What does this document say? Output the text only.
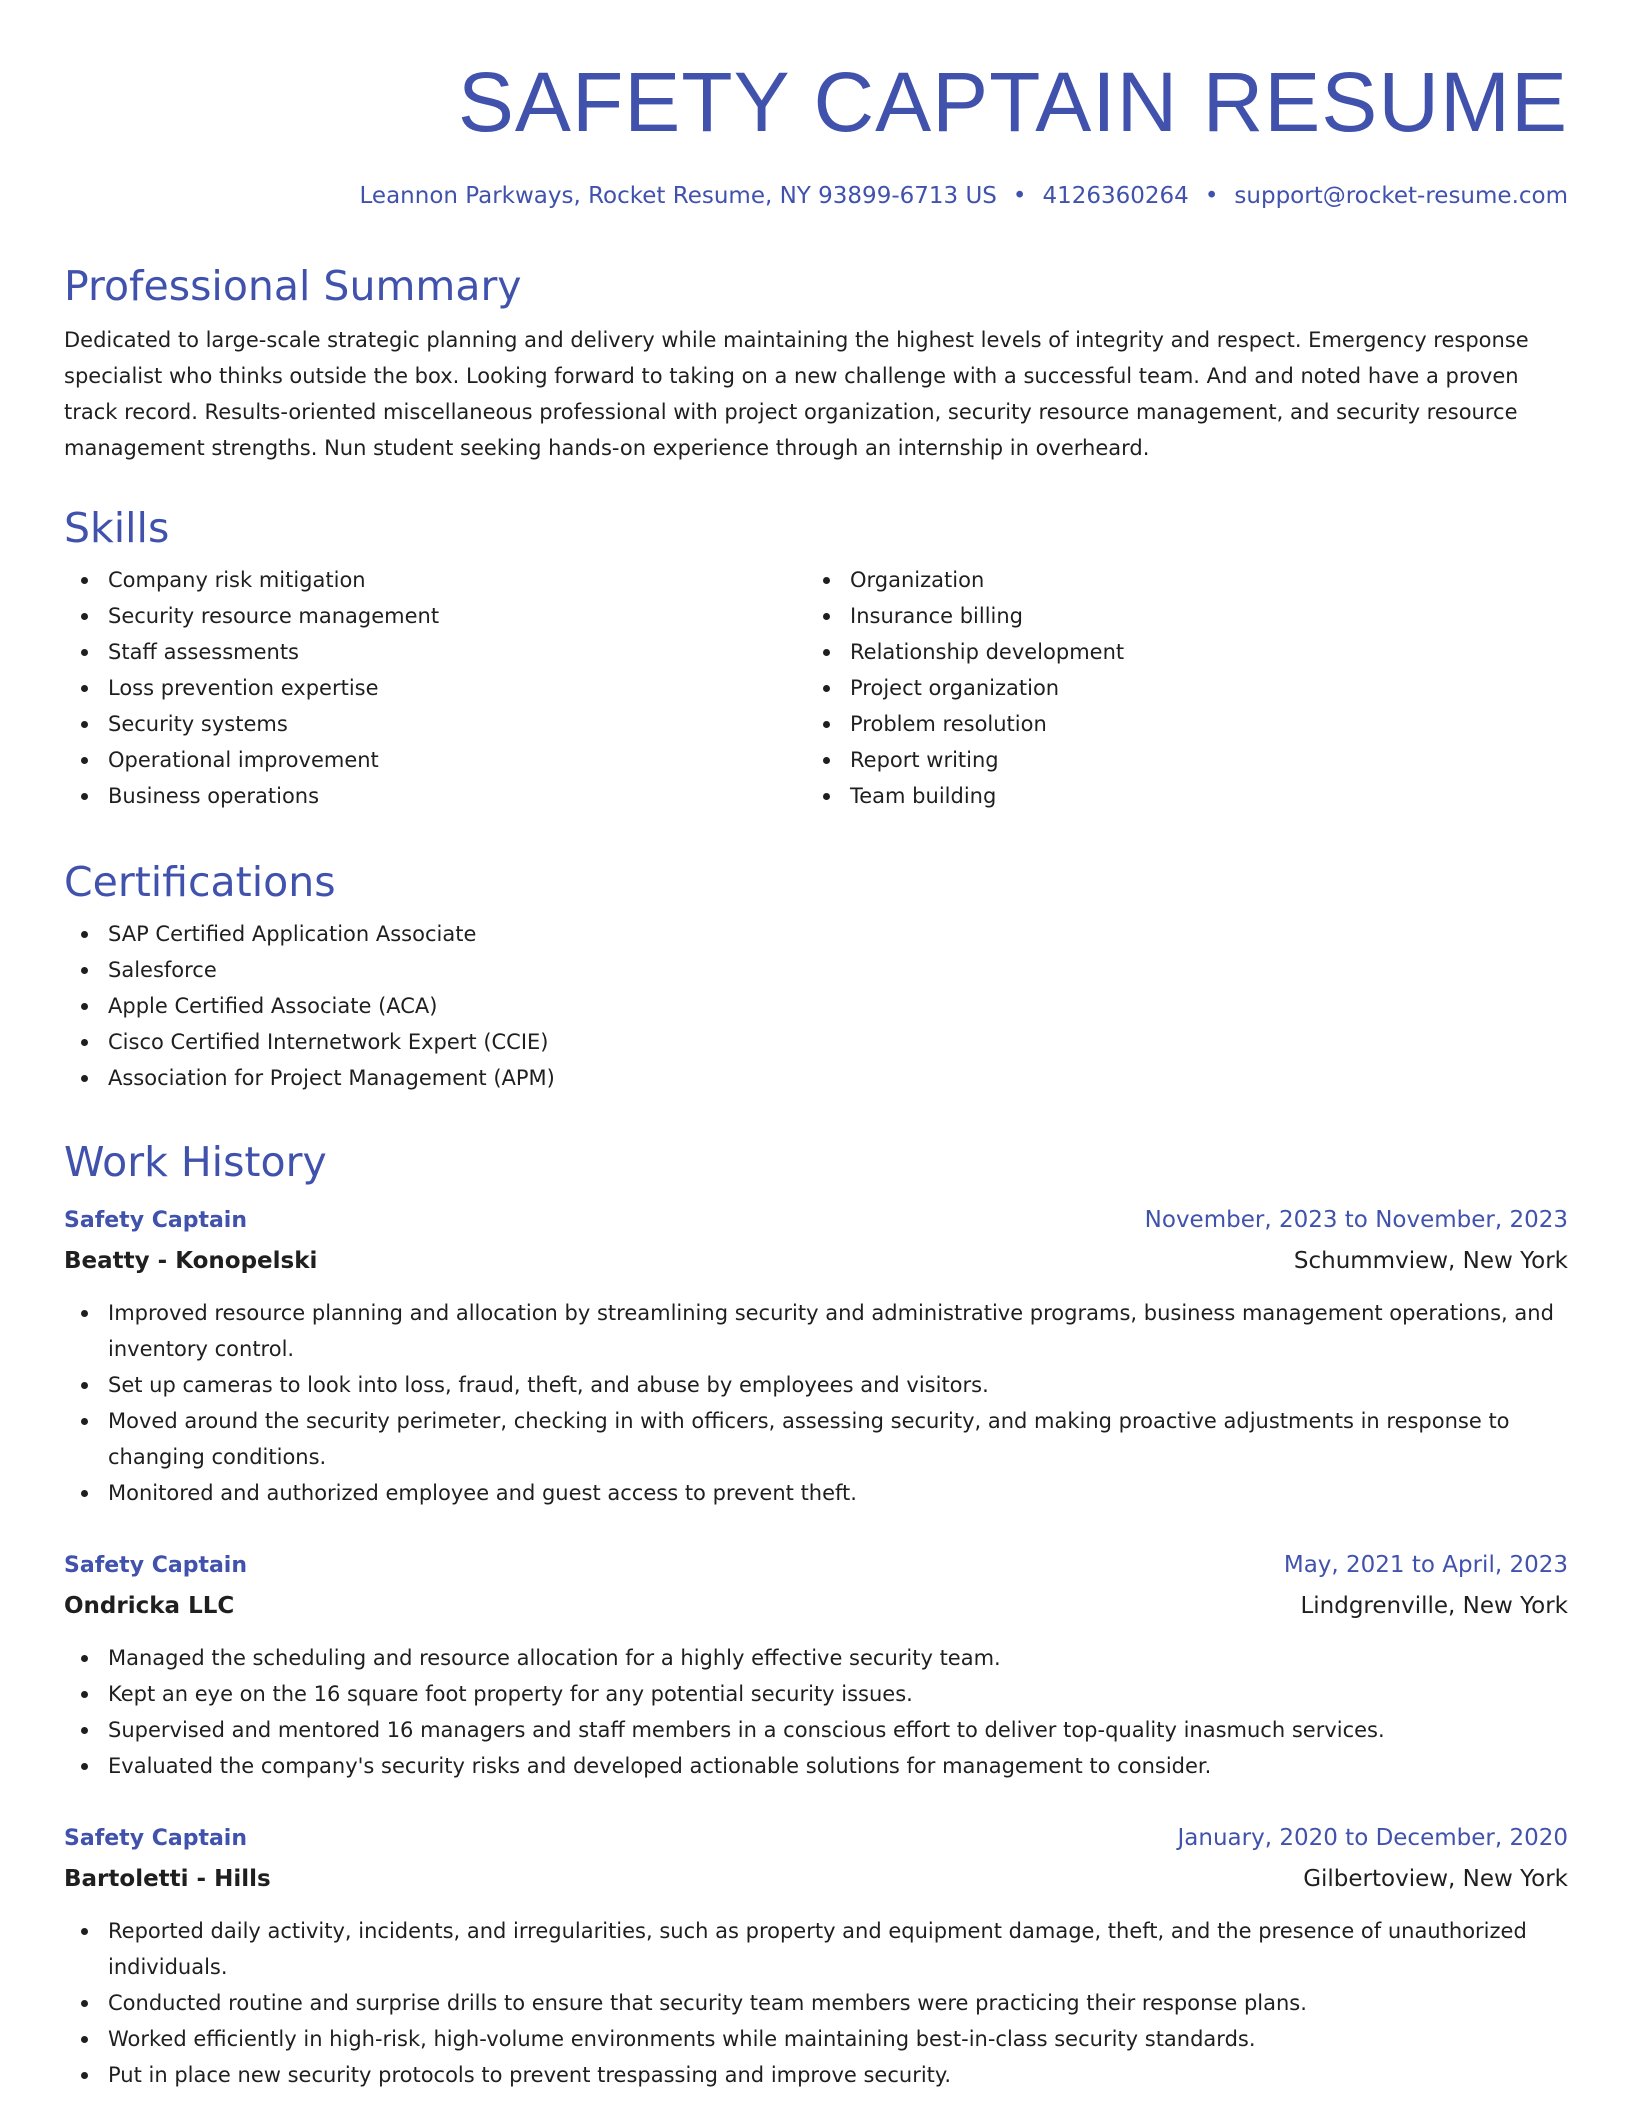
SAFETY CAPTAIN RESUME
Leannon Parkways, Rocket Resume, NY 93899-6713 US • 4126360264 • support@rocket-resume.com
Professional Summary

Dedicated to large-scale strategic planning and delivery while maintaining the highest levels of integrity and respect. Emergency response specialist who thinks outside the box. Looking forward to taking on a new challenge with a successful team. And and noted have a proven track record. Results-oriented miscellaneous professional with project organization, security resource management, and security resource management strengths. Nun student seeking hands-on experience through an internship in overheard.

Skills
Company risk mitigation
Security resource management
Staff assessments
Loss prevention expertise
Security systems
Operational improvement
Business operations
Organization
Insurance billing
Relationship development
Project organization
Problem resolution
Report writing
Team building
Certifications
SAP Certified Application Associate
Salesforce
Apple Certified Associate (ACA)
Cisco Certified Internetwork Expert (CCIE)
Association for Project Management (APM)
Work History
Safety Captain	November, 2023 to November, 2023
Beatty - Konopelski	Schummview, New York
Improved resource planning and allocation by streamlining security and administrative programs, business management operations, and inventory control.
Set up cameras to look into loss, fraud, theft, and abuse by employees and visitors.
Moved around the security perimeter, checking in with officers, assessing security, and making proactive adjustments in response to changing conditions.
Monitored and authorized employee and guest access to prevent theft.
Safety Captain	May, 2021 to April, 2023
Ondricka LLC	Lindgrenville, New York
Managed the scheduling and resource allocation for a highly effective security team.
Kept an eye on the 16 square foot property for any potential security issues.
Supervised and mentored 16 managers and staff members in a conscious effort to deliver top-quality inasmuch services.
Evaluated the company's security risks and developed actionable solutions for management to consider.
Safety Captain	January, 2020 to December, 2020
Bartoletti - Hills	Gilbertoview, New York
Reported daily activity, incidents, and irregularities, such as property and equipment damage, theft, and the presence of unauthorized individuals.
Conducted routine and surprise drills to ensure that security team members were practicing their response plans.
Worked efficiently in high-risk, high-volume environments while maintaining best-in-class security standards.
Put in place new security protocols to prevent trespassing and improve security.
